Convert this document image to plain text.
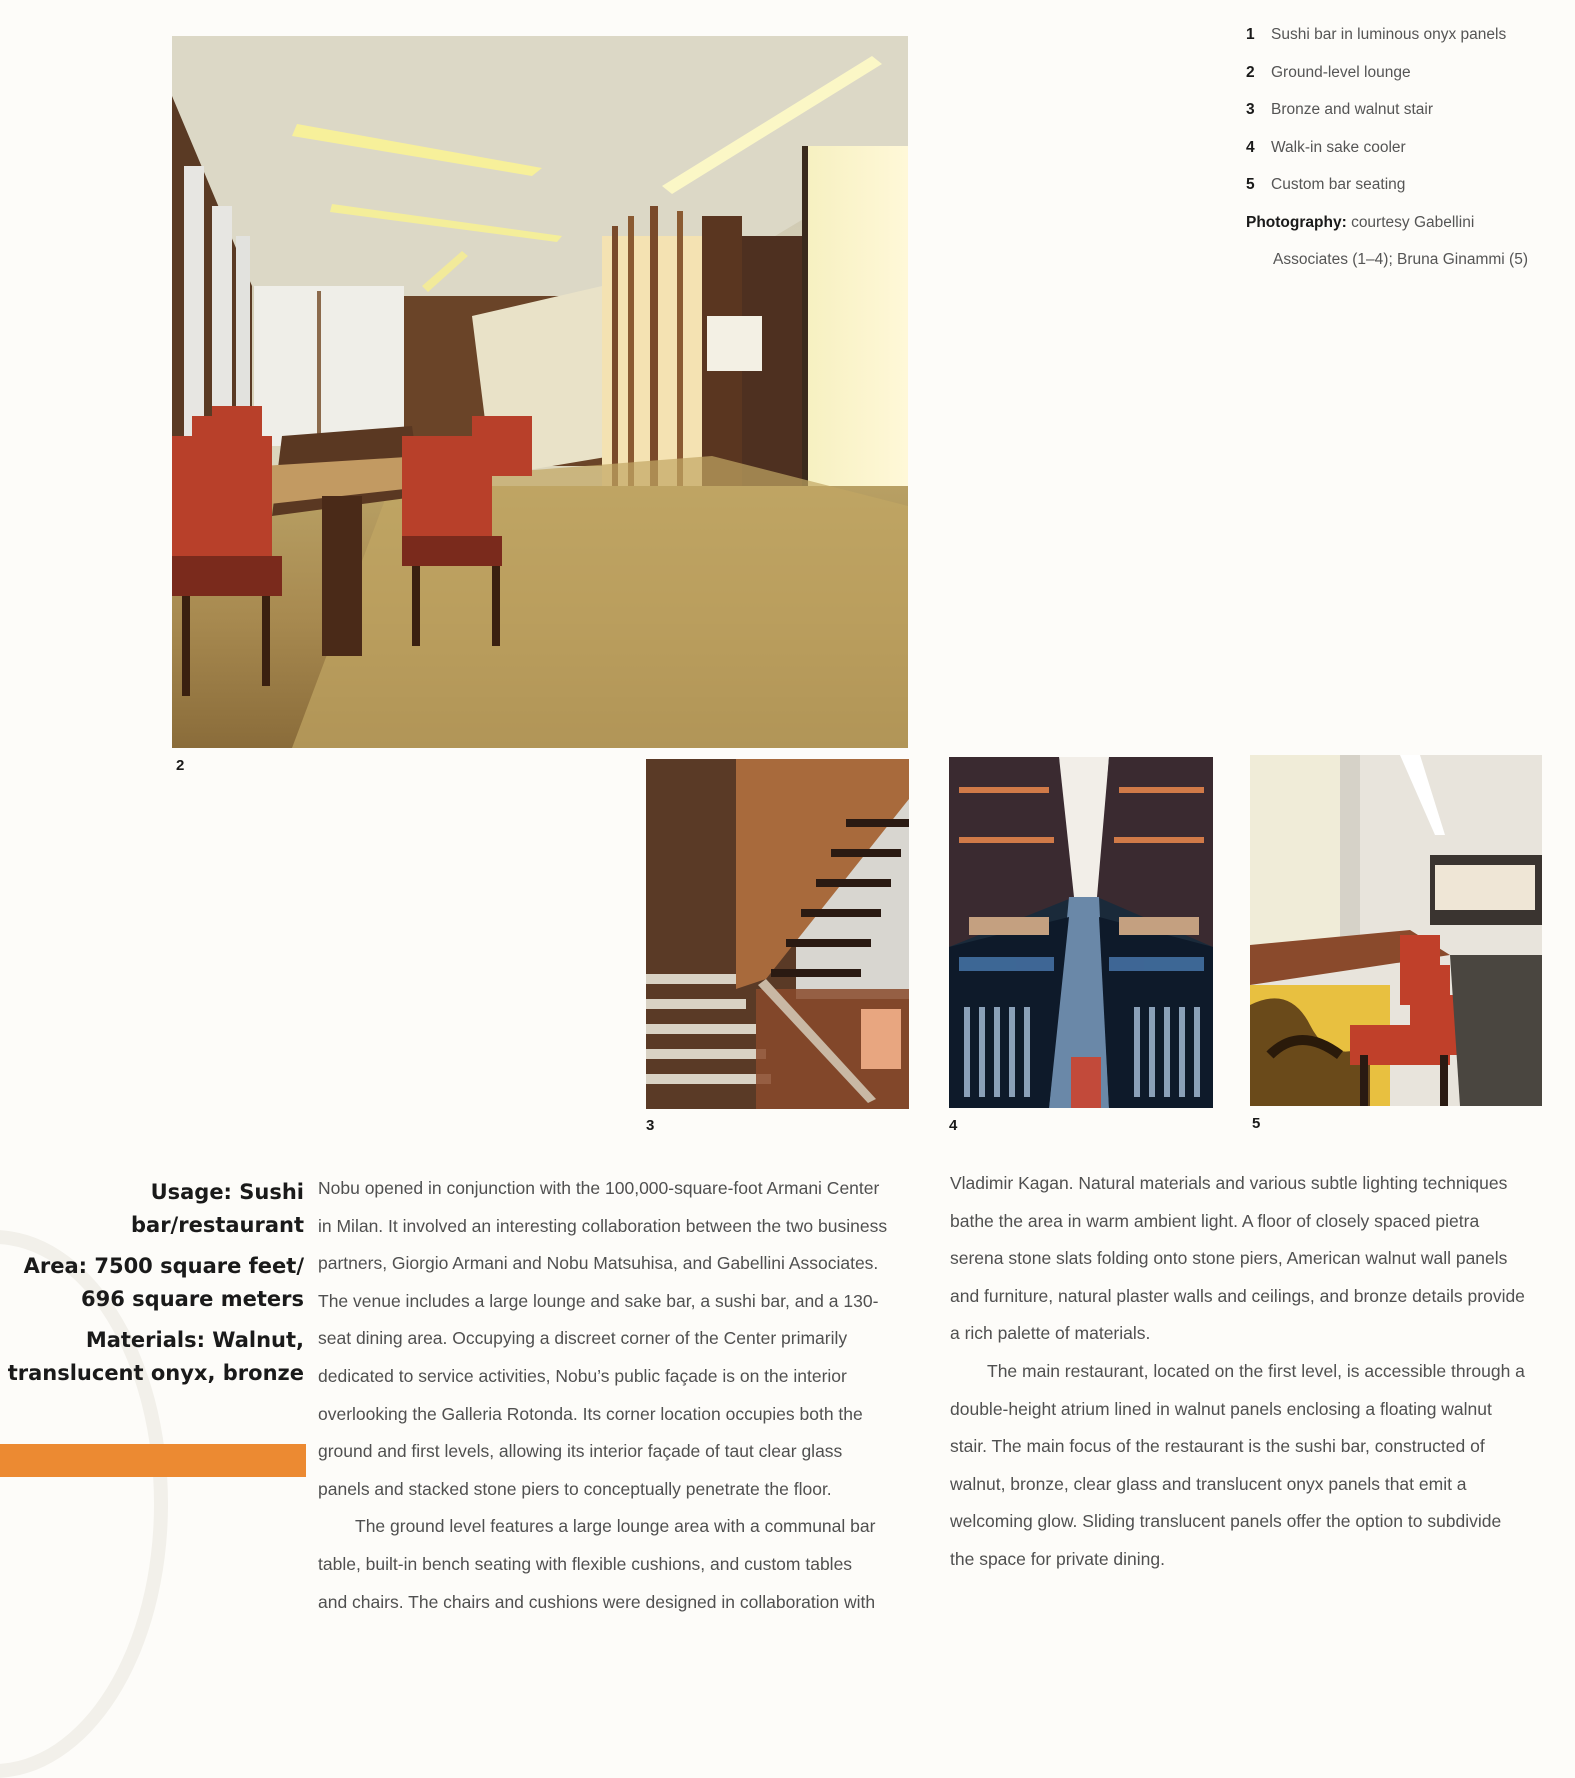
2
3	4	5
1 Sushi bar in luminous onyx panels
2 Ground-level lounge
3 Bronze and walnut stair
4 Walk-in sake cooler
5 Custom bar seating
Photography: courtesy Gabellini
Associates (1–4); Bruna Ginammi (5)
Usage: Sushi
bar/restaurant
Area: 7500 square feet/
696 square meters
Materials: Walnut,
translucent onyx, bronze

Nobu opened in conjunction with the 100,000-square-foot Armani Center

in Milan. It involved an interesting collaboration between the two business

partners, Giorgio Armani and Nobu Matsuhisa, and Gabellini Associates.

The venue includes a large lounge and sake bar, a sushi bar, and a 130-

seat dining area. Occupying a discreet corner of the Center primarily

dedicated to service activities, Nobu’s public façade is on the interior

overlooking the Galleria Rotonda. Its corner location occupies both the

ground and first levels, allowing its interior façade of taut clear glass

panels and stacked stone piers to conceptually penetrate the floor.

The ground level features a large lounge area with a communal bar

table, built-in bench seating with flexible cushions, and custom tables

and chairs. The chairs and cushions were designed in collaboration with

Vladimir Kagan. Natural materials and various subtle lighting techniques

bathe the area in warm ambient light. A floor of closely spaced pietra

serena stone slats folding onto stone piers, American walnut wall panels

and furniture, natural plaster walls and ceilings, and bronze details provide

a rich palette of materials.

The main restaurant, located on the first level, is accessible through a

double-height atrium lined in walnut panels enclosing a floating walnut

stair. The main focus of the restaurant is the sushi bar, constructed of

walnut, bronze, clear glass and translucent onyx panels that emit a

welcoming glow. Sliding translucent panels offer the option to subdivide

the space for private dining.
